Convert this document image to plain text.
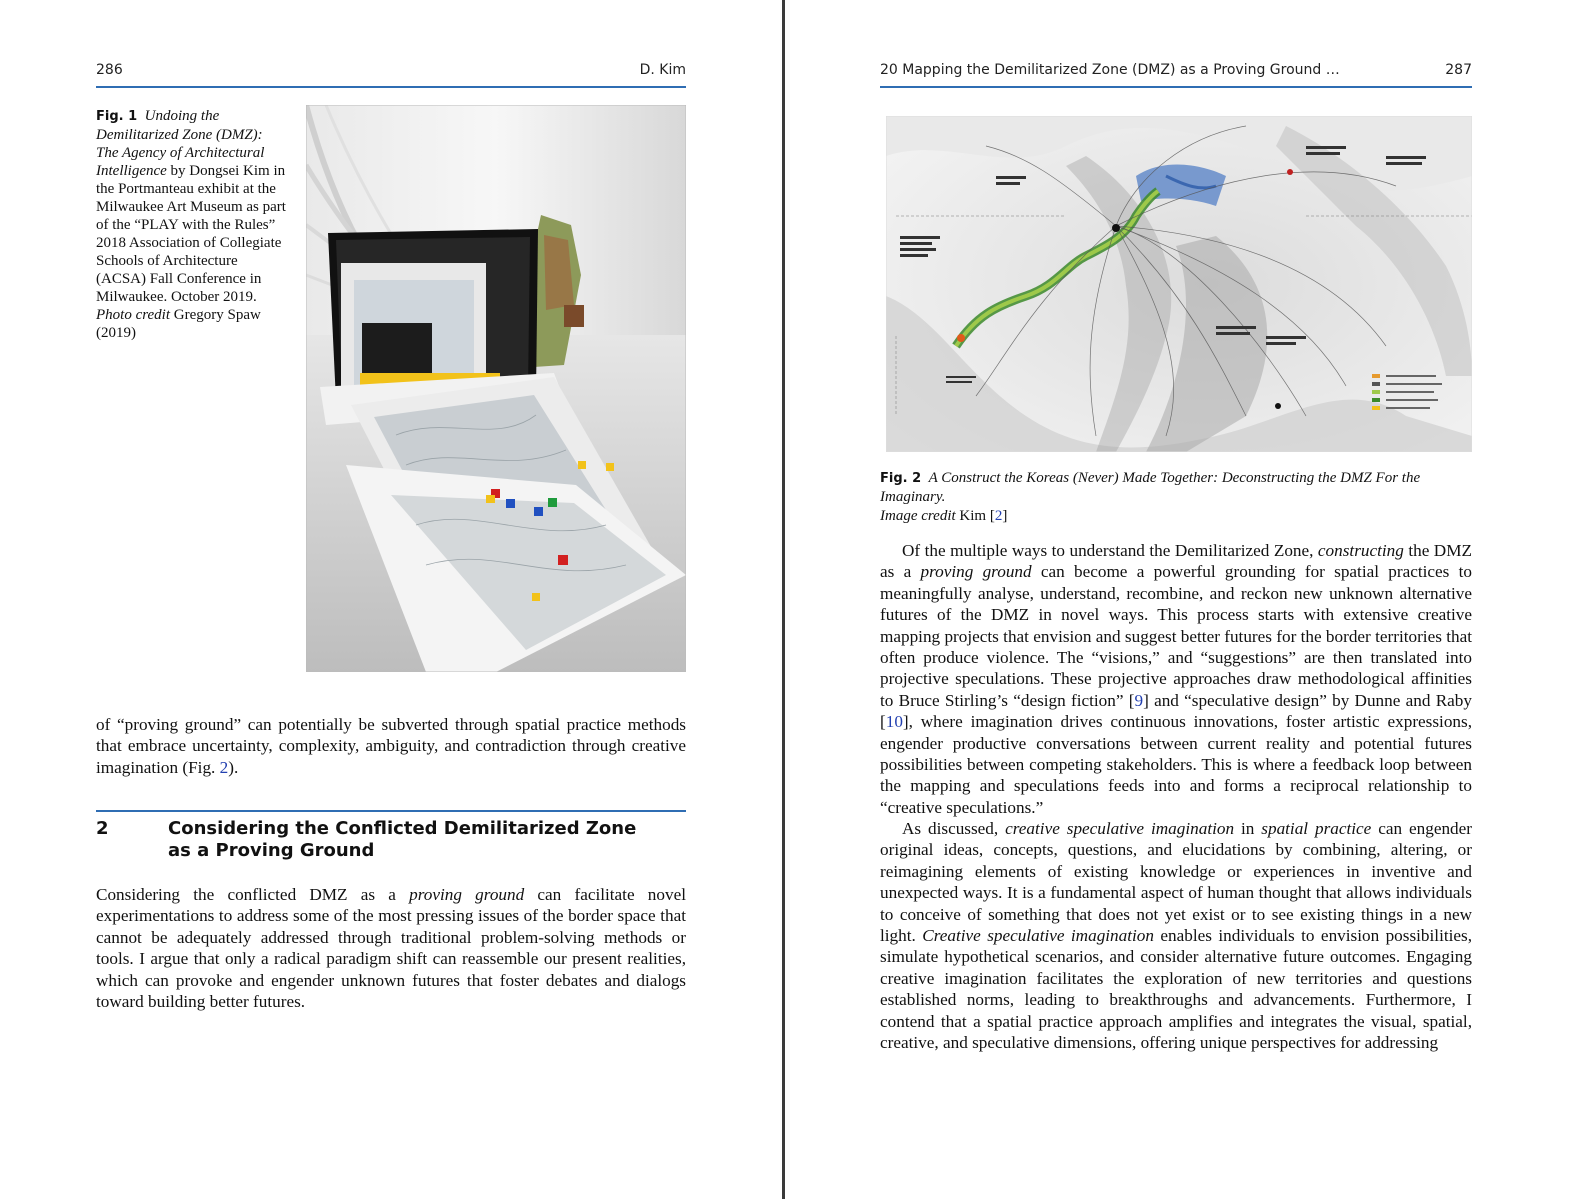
286	D. Kim
Fig. 1 Undoing the Demilitarized Zone (DMZ): The Agency of Architectural Intelligence by Dongsei Kim in the Portmanteau exhibit at the Milwaukee Art Museum as part of the “PLAY with the Rules” 2018 Association of Collegiate Schools of Architecture (ACSA) Fall Conference in Milwaukee. October 2019. Photo credit Gregory Spaw (2019)

of “proving ground” can potentially be subverted through spatial practice methods that embrace uncertainty, complexity, ambiguity, and contradiction through creative imagination (Fig. 2).

2	Considering the Conflicted Demilitarized Zone
as a Proving Ground

Considering the conflicted DMZ as a proving ground can facilitate novel experimentations to address some of the most pressing issues of the border space that cannot be adequately addressed through traditional problem-solving methods or tools. I argue that only a radical paradigm shift can reassemble our present realities, which can provoke and engender unknown futures that foster debates and dialogs toward building better futures.

20 Mapping the Demilitarized Zone (DMZ) as a Proving Ground …	287
Fig. 2 A Construct the Koreas (Never) Made Together: Deconstructing the DMZ For the Imaginary.
Image credit Kim [2]

Of the multiple ways to understand the Demilitarized Zone, constructing the DMZ as a proving ground can become a powerful grounding for spatial practices to meaningfully analyse, understand, recombine, and reckon new unknown alternative futures of the DMZ in novel ways. This process starts with extensive creative mapping projects that envision and suggest better futures for the border territories that often produce violence. The “visions,” and “suggestions” are then translated into projective speculations. These projective approaches draw methodological affinities to Bruce Stirling’s “design fiction” [9] and “speculative design” by Dunne and Raby [10], where imagination drives continuous innovations, foster artistic expressions, engender productive conversations between current reality and potential futures possibilities between competing stakeholders. This is where a feedback loop between the mapping and speculations feeds into and forms a reciprocal relationship to “creative speculations.”

As discussed, creative speculative imagination in spatial practice can engender original ideas, concepts, questions, and elucidations by combining, altering, or reimagining elements of existing knowledge or experiences in inventive and unexpected ways. It is a fundamental aspect of human thought that allows individuals to conceive of something that does not yet exist or to see existing things in a new light. Creative speculative imagination enables individuals to envision possibilities, simulate hypothetical scenarios, and consider alternative future outcomes. Engaging creative imagination facilitates the exploration of new territories and questions established norms, leading to breakthroughs and advancements. Furthermore, I contend that a spatial practice approach amplifies and integrates the visual, spatial, creative, and speculative dimensions, offering unique perspectives for addressing
